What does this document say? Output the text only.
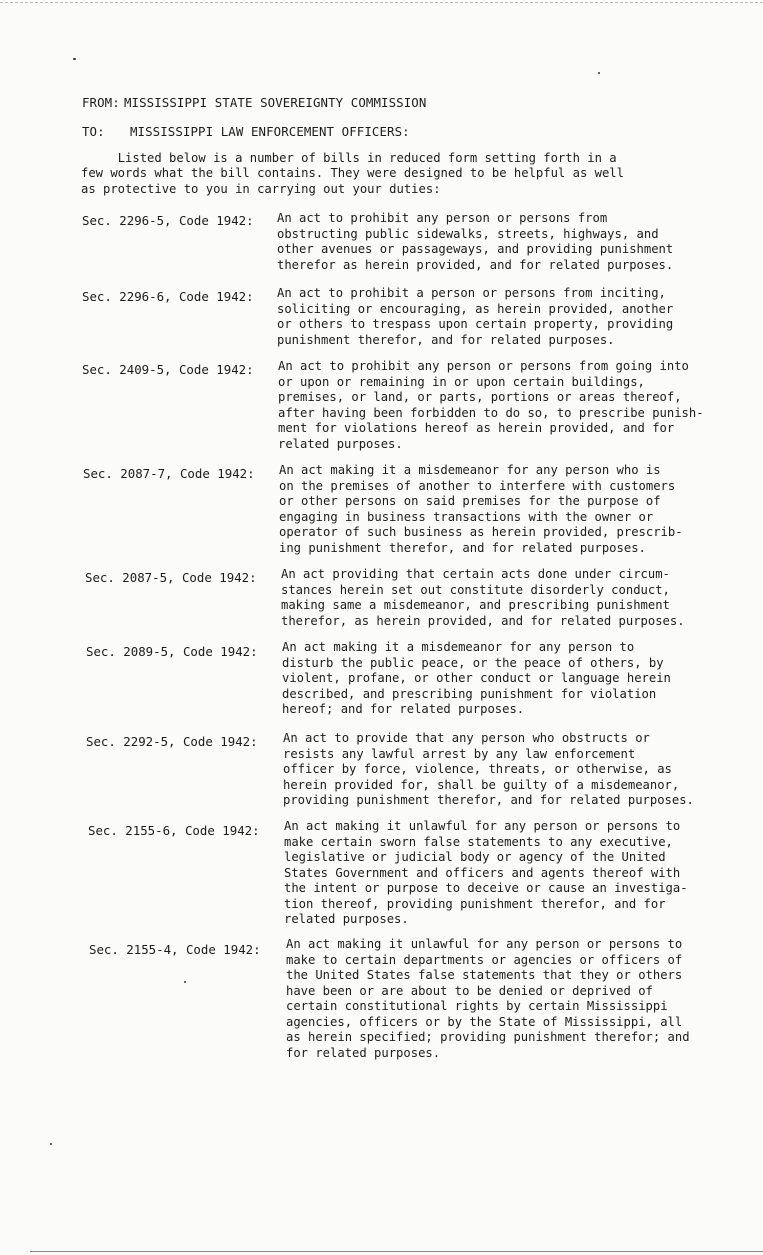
FROM: MISSISSIPPI STATE SOVEREIGNTY COMMISSION
TO: MISSISSIPPI LAW ENFORCEMENT OFFICERS:
Listed below is a number of bills in reduced form setting forth in a
few words what the bill contains. They were designed to be helpful as well
as protective to you in carrying out your duties:
Sec. 2296-5, Code 1942: An act to prohibit any person or persons from
obstructing public sidewalks, streets, highways, and
other avenues or passageways, and providing punishment
therefor as herein provided, and for related purposes.
Sec. 2296-6, Code 1942: An act to prohibit a person or persons from inciting,
soliciting or encouraging, as herein provided, another
or others to trespass upon certain property, providing
punishment therefor, and for related purposes.
Sec. 2409-5, Code 1942: An act to prohibit any person or persons from going into
or upon or remaining in or upon certain buildings,
premises, or land, or parts, portions or areas thereof,
after having been forbidden to do so, to prescribe punish-
ment for violations hereof as herein provided, and for
related purposes.
Sec. 2087-7, Code 1942: An act making it a misdemeanor for any person who is
on the premises of another to interfere with customers
or other persons on said premises for the purpose of
engaging in business transactions with the owner or
operator of such business as herein provided, prescrib-
ing punishment therefor, and for related purposes.
Sec. 2087-5, Code 1942: An act providing that certain acts done under circum-
stances herein set out constitute disorderly conduct,
making same a misdemeanor, and prescribing punishment
therefor, as herein provided, and for related purposes.
Sec. 2089-5, Code 1942: An act making it a misdemeanor for any person to
disturb the public peace, or the peace of others, by
violent, profane, or other conduct or language herein
described, and prescribing punishment for violation
hereof; and for related purposes.
Sec. 2292-5, Code 1942: An act to provide that any person who obstructs or
resists any lawful arrest by any law enforcement
officer by force, violence, threats, or otherwise, as
herein provided for, shall be guilty of a misdemeanor,
providing punishment therefor, and for related purposes.
Sec. 2155-6, Code 1942: An act making it unlawful for any person or persons to
make certain sworn false statements to any executive,
legislative or judicial body or agency of the United
States Government and officers and agents thereof with
the intent or purpose to deceive or cause an investiga-
tion thereof, providing punishment therefor, and for
related purposes.
Sec. 2155-4, Code 1942: An act making it unlawful for any person or persons to
make to certain departments or agencies or officers of
the United States false statements that they or others
have been or are about to be denied or deprived of
certain constitutional rights by certain Mississippi
agencies, officers or by the State of Mississippi, all
as herein specified; providing punishment therefor; and
for related purposes.
